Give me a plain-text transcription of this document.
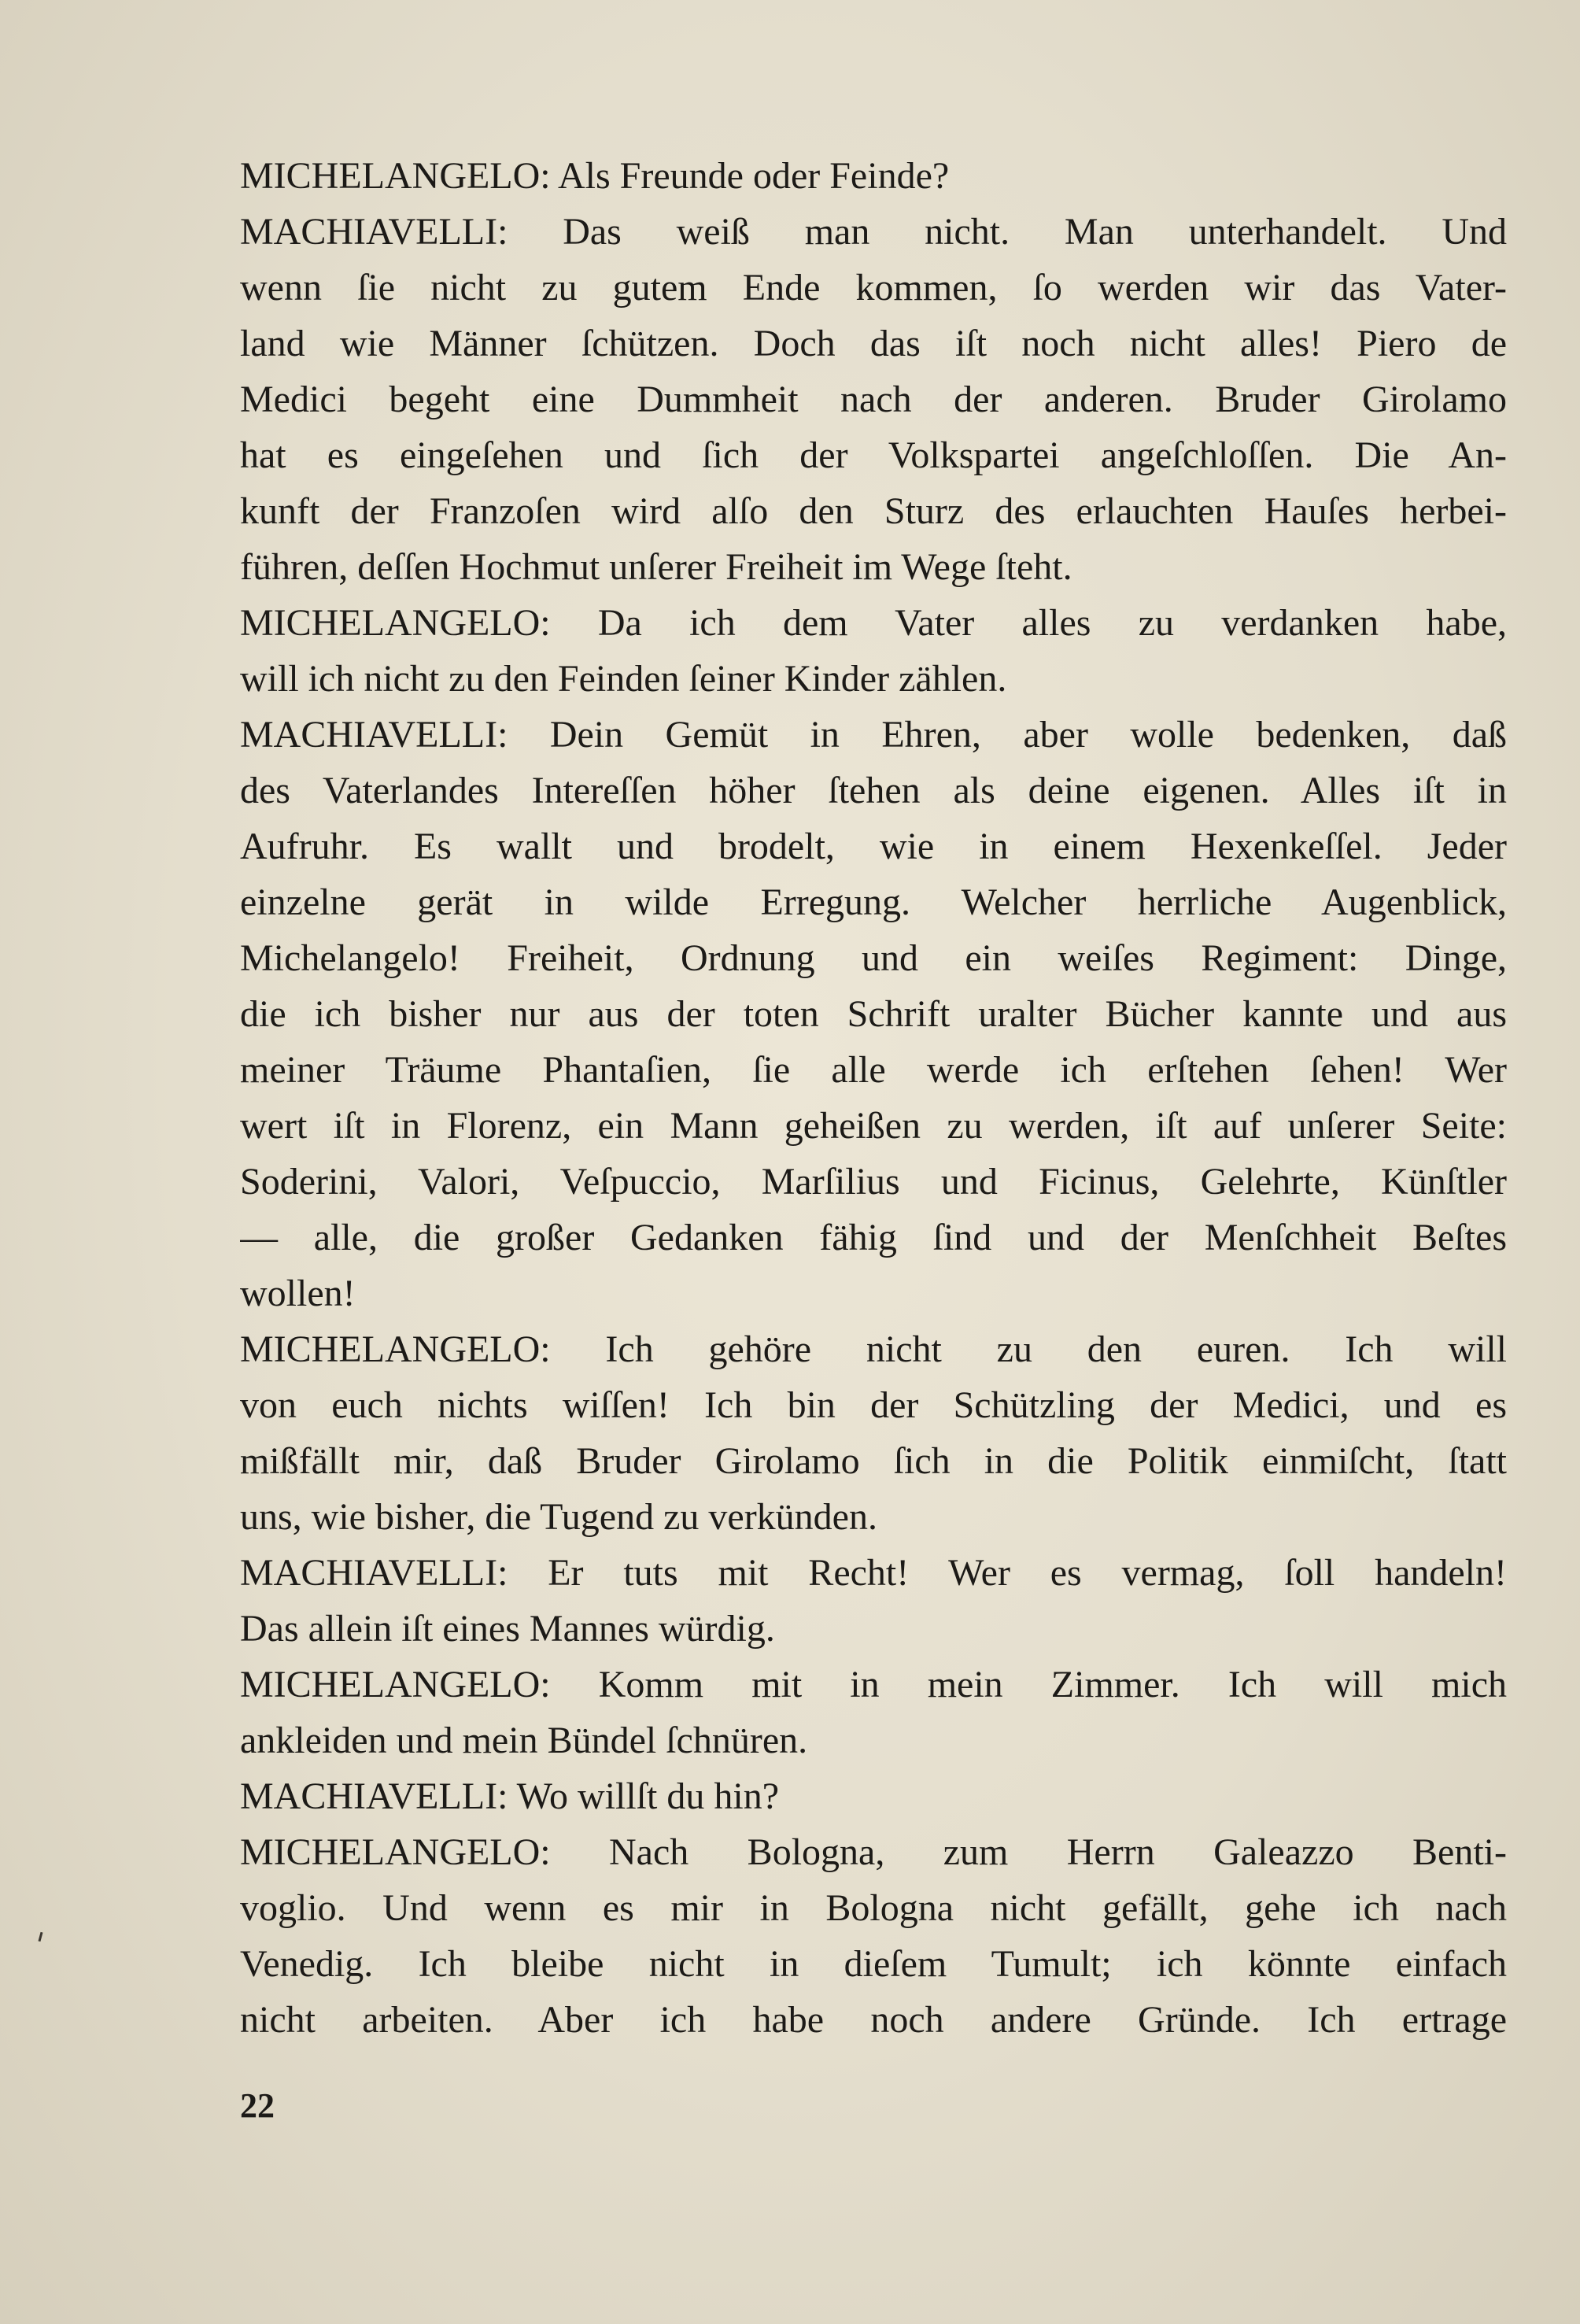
MICHELANGELO: Als Freunde oder Feinde?
MACHIAVELLI: Das weiß man nicht. Man unterhandelt. Und
wenn ſie nicht zu gutem Ende kommen, ſo werden wir das Vater-
land wie Männer ſchützen. Doch das iſt noch nicht alles! Piero de
Medici begeht eine Dummheit nach der anderen. Bruder Girolamo
hat es eingeſehen und ſich der Volkspartei angeſchloſſen. Die An-
kunft der Franzoſen wird alſo den Sturz des erlauchten Hauſes herbei-
führen, deſſen Hochmut unſerer Freiheit im Wege ſteht.
MICHELANGELO: Da ich dem Vater alles zu verdanken habe,
will ich nicht zu den Feinden ſeiner Kinder zählen.
MACHIAVELLI: Dein Gemüt in Ehren, aber wolle bedenken, daß
des Vaterlandes Intereſſen höher ſtehen als deine eigenen. Alles iſt in
Aufruhr. Es wallt und brodelt, wie in einem Hexenkeſſel. Jeder
einzelne gerät in wilde Erregung. Welcher herrliche Augenblick,
Michelangelo! Freiheit, Ordnung und ein weiſes Regiment: Dinge,
die ich bisher nur aus der toten Schrift uralter Bücher kannte und aus
meiner Träume Phantaſien, ſie alle werde ich erſtehen ſehen! Wer
wert iſt in Florenz, ein Mann geheißen zu werden, iſt auf unſerer Seite:
Soderini, Valori, Veſpuccio, Marſilius und Ficinus, Gelehrte, Künſtler
— alle, die großer Gedanken fähig ſind und der Menſchheit Beſtes
wollen!
MICHELANGELO: Ich gehöre nicht zu den euren. Ich will
von euch nichts wiſſen! Ich bin der Schützling der Medici, und es
mißfällt mir, daß Bruder Girolamo ſich in die Politik einmiſcht, ſtatt
uns, wie bisher, die Tugend zu verkünden.
MACHIAVELLI: Er tuts mit Recht! Wer es vermag, ſoll handeln!
Das allein iſt eines Mannes würdig.
MICHELANGELO: Komm mit in mein Zimmer. Ich will mich
ankleiden und mein Bündel ſchnüren.
MACHIAVELLI: Wo willſt du hin?
MICHELANGELO: Nach Bologna, zum Herrn Galeazzo Benti-
voglio. Und wenn es mir in Bologna nicht gefällt, gehe ich nach
Venedig. Ich bleibe nicht in dieſem Tumult; ich könnte einfach
nicht arbeiten. Aber ich habe noch andere Gründe. Ich ertrage
22
